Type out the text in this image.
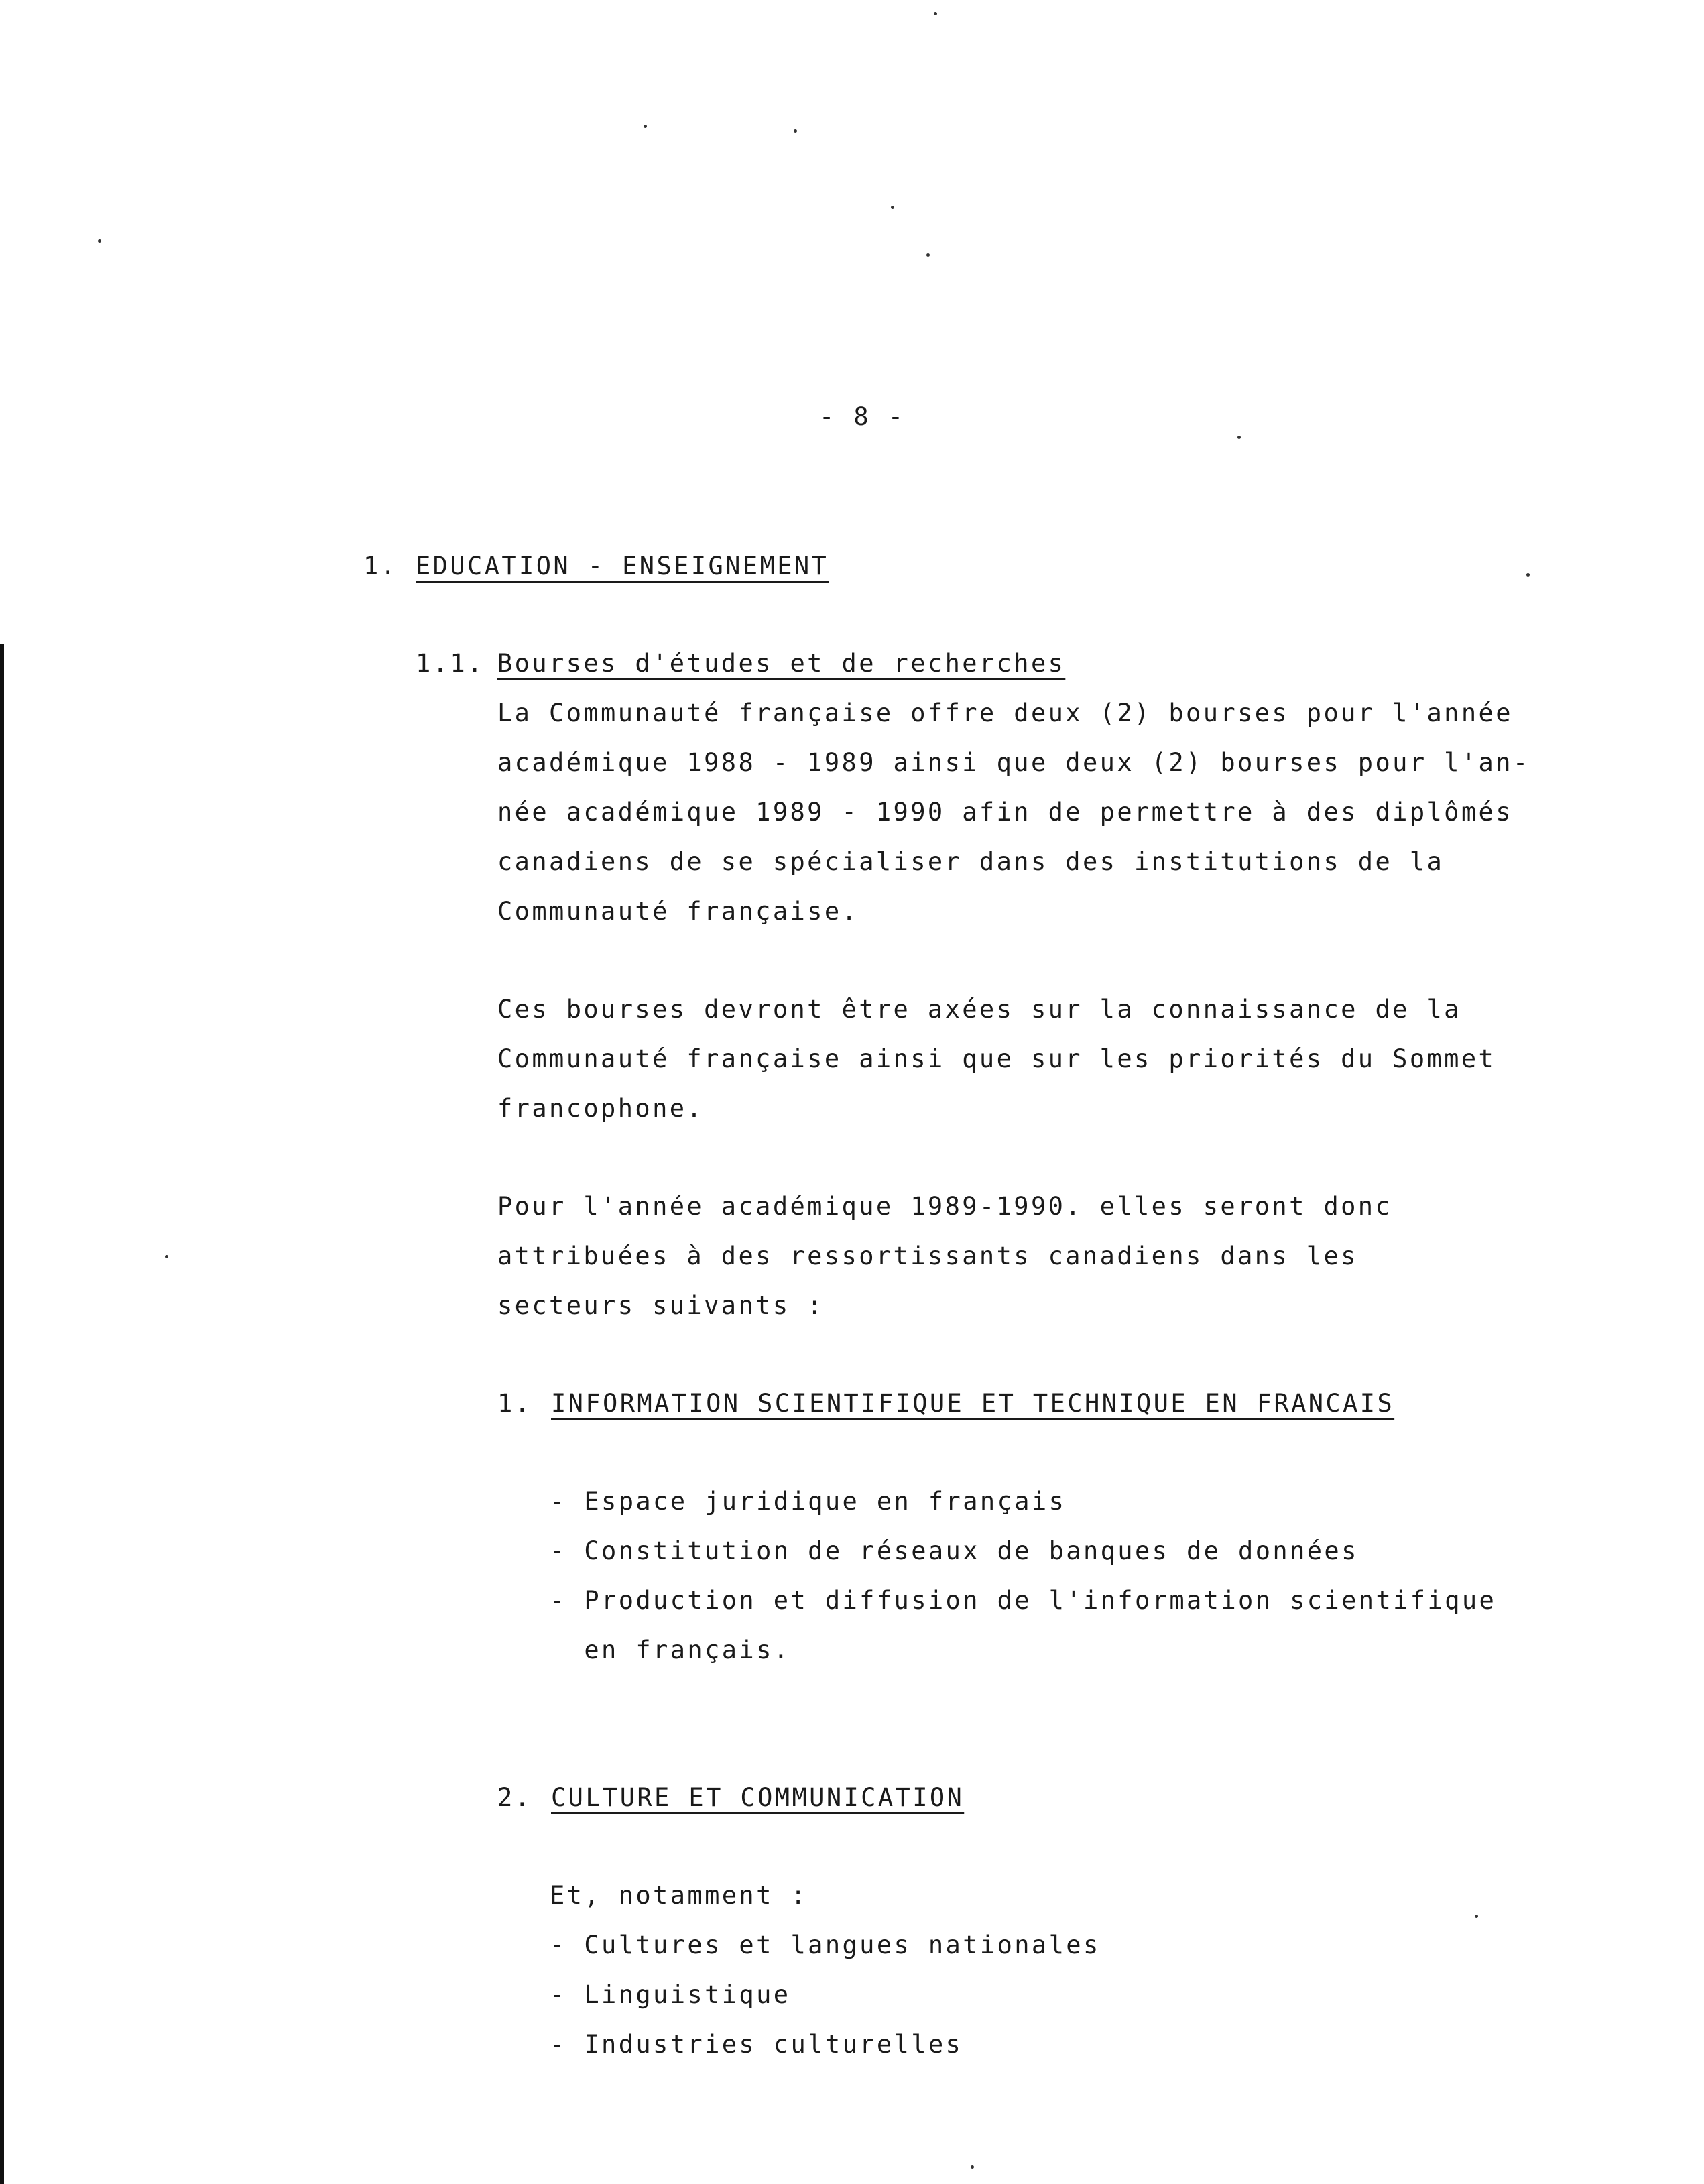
- 8 -
1. EDUCATION - ENSEIGNEMENT
1.1. Bourses d'études et de recherches
La Communauté française offre deux (2) bourses pour l'année
académique 1988 - 1989 ainsi que deux (2) bourses pour l'an-
née académique 1989 - 1990 afin de permettre à des diplômés
canadiens de se spécialiser dans des institutions de la
Communauté française.
Ces bourses devront être axées sur la connaissance de la
Communauté française ainsi que sur les priorités du Sommet
francophone.
Pour l'année académique 1989-1990. elles seront donc
attribuées à des ressortissants canadiens dans les
secteurs suivants :
1. INFORMATION SCIENTIFIQUE ET TECHNIQUE EN FRANCAIS
- Espace juridique en français
- Constitution de réseaux de banques de données
- Production et diffusion de l'information scientifique
en français.
2. CULTURE ET COMMUNICATION
Et, notamment :
- Cultures et langues nationales
- Linguistique
- Industries culturelles
